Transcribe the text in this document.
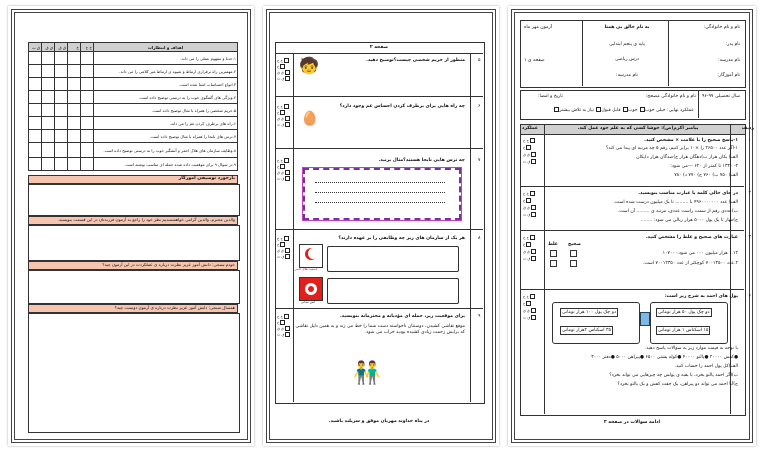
ق ت	ق ق	ق ق	خ	خ خ	اهداف و انتظارات
					۱.حدنا و مفهوم عملی را می داند.
					۲.مهمترین راه برقراری ارتباط و شیوه ی ارتباط غیر کلامی را می داند.
					۳.انواع احساسات اشنا شده است.
					۴.ویژگی های گفتگوی خوب را به درستی توضیح داده است.
					۵.حریم شخصی را همراه با مثال توضیح داده است.
					۶.راه های برطرف کردن غم را می داند.
					۷.ترس های نابجا را همراه با مثال توضیح داده است.
					۸.وظایف سازمان های هلال احمر و آتشگیر خوب را به درستی توضیح داده است.
					۹.در سوال ۹ برای موقعیت داده شده جمله ای مناسب نوشته است.
بازخورد توصیفی آموزگار
والدین محترم، والدین گرامی خواهشمندیم نظر خود را راجع به آزمون فرزندتان در این قسمت بنویسید.
خودم سنجی: دانش آموز عزیز نظرت درباره ی عملکردت در این آزمون چیه؟
همسال سنجی: دانش آموز عزیز نظرت درباره ی آزمون دوستت چیه؟
صفحه ۲
۵
منظور از حریم شخصی چیست؟توضیح دهید.
🧒
۶
چه راه هایی برای برطرف کردن احساس غم وجود دارد؟
🥚
۷
چه ترس هایی نابجا هستند؟مثال بزنید.
۸
هر یک از سازمان های زیر چه وظایفی را بر عهده دارند؟
جمعیت هلال احمر
آتش نشانی
۹
برای موقعیت زیر، جمله ای مؤدبانه و محترمانه بنویسید.
موقع تقاشی کشیدن، دوستتان ناخواسته دست شما را خط می زند و به همین دلیل نقاشی که برایش زحمت زیادی کشیده بودید خراب می شود.
👬
در پناه خداوند مهربان موفق و سربلند باشید.
خ خ
خ
ق ق
ق ت
خ خ
خ
ق ق
ق ت
خ خ
خ
ق ق
ق ت
خ خ
خ
ق ق
ق ت
خ خ
خ
ق ق
ق ت
نام و نام خانوادگی:
نام پدر:
نام مدرسه:
نام آموزگار:
به نام خالق بی همتا
پایه ی پنجم ابتدایی
درس ریاضی
نام مدرسه:
آزمون مهر ماه
صفحه ی ۱
سال تحصیلی ۹۷-۹۶
نام و نام خانوادگی مصحح:
تاریخ و امضا:
عملکرد نهایی: خیلی خوب خوب قابل قبول نیاز به تلاش بیشتر
ردیف
پیامبر اکرم(ص): خوشا کسی که به علم خود عمل کند.
عملکرد
۱
۱-پاسخ صحیح را با علامت × مشخص کنید.
۱-اگر عدد ۲۶۵۰۰ را ×۱۰ برابر کنیم، رقم ۵ چه مرتبه ای پیدا می کند؟
الف) یکان هزار ب)دهگان هزار ج)صدگان هزار د)یکان
۲- ۱۳۲۰ تا کمتر از ۶۲۰ ---می شود:
الف) ۷۵۰ ب) ۷۶۰ ج) ۷۷۰ د) ۷۸۰
۲
در جای خالی کلمه یا عبارت مناسب بنویسید.
الف) عدد ۴۹۶۰۰۰۰۰۰۰ با ......... تا یک میلیون درست شده است.
ب)عددی رقم از سمت راست عددی، مرتبه ی ......... آن است.
ج)مهار تا یک پول ۵۰۰۰ هزار ریالی می شود: ........
۳
عبارت های صحیح و غلط را مشخص کنید.
صحیح
غلط
۱.۱۲ هزار میلیون ۰۰۰ می شود.۱۰۷۰۰۰
۲.عدد ۷۰۰۱۳۵۰۰ کوچکتر از عدد ۷۰۰۱۲۳۵۰ است.
۴
پول های احمد به شرح زیر است:
دو چک پول ۱۰۰ هزار تومانی	دو چک پول ۵۰ هزار تومانی
۳۵ اسکناس ۲هزار تومانی	۱۵ اسکناس ۱ هزار تومانی
با توجه به قیمت موارد زیر به سوالات پاسخ دهید.
●کفش ۲۰۰۰۰ ●پالتو ۴۰۰۰۰ ●کوله پشتی ۶۵۰۰ ●پیراهن ۵۰۰۰ ●دفتر ۳۰۰۰
الف)کل پول احمد را حساب کنید.
ب)اگر احمد پالتو بخرد، با بقیه ی پولش چه چیزهایی می تواند بخرد؟
ج)آیا احمد می تواند دو پیراهن، یک جفت کفش و یک پالتو بخرد؟
ادامه سوالات در صفحه ۲
خ خ
خ
ق ق
ق ت
خ خ
خ
ق ق
ق ت
خ خ
خ
ق ق
ق ت
خ خ
خ
ق ق
ق ت
